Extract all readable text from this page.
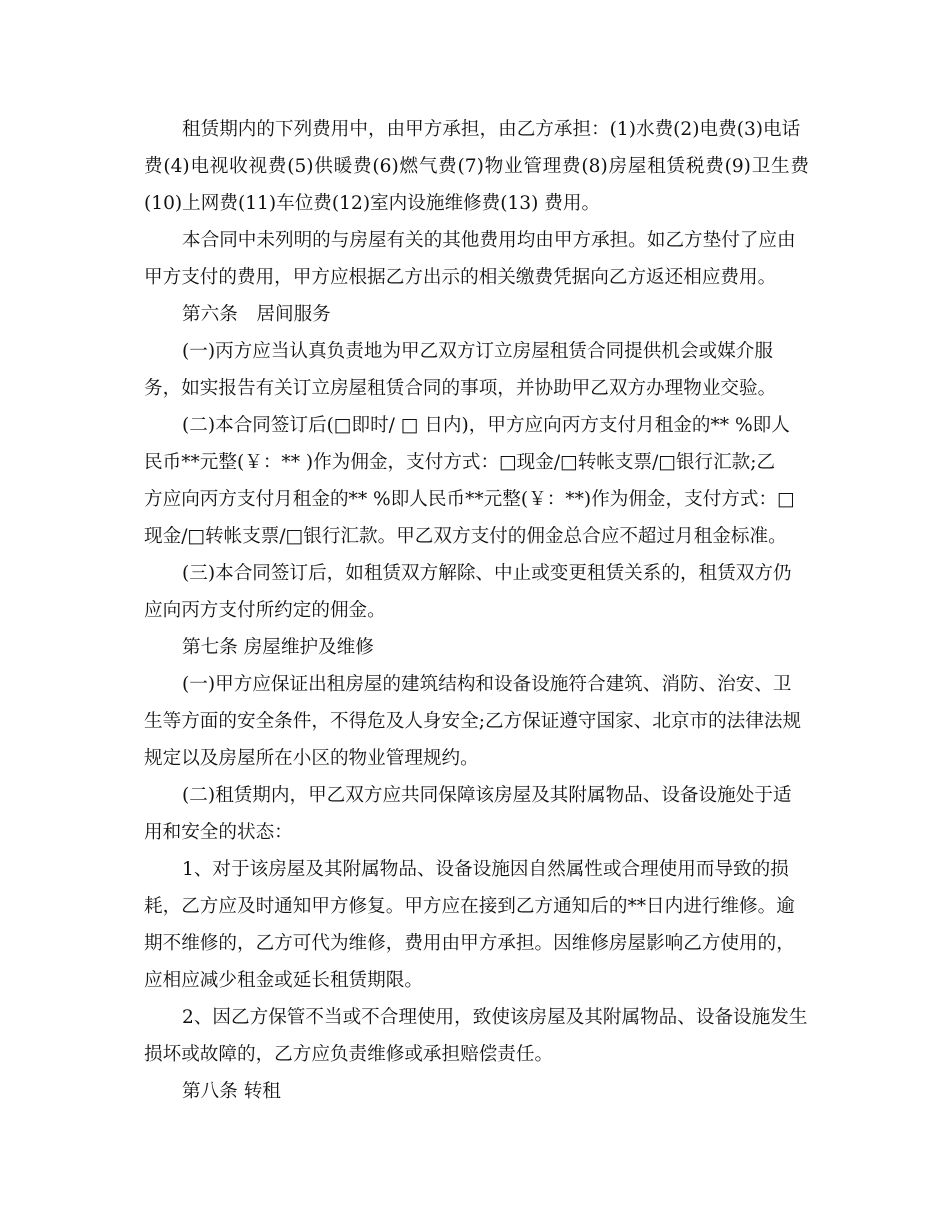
租赁期内的下列费用中，由甲方承担，由乙方承担：(1)水费(2)电费(3)电话
费(4)电视收视费(5)供暖费(6)燃气费(7)物业管理费(8)房屋租赁税费(9)卫生费
(10)上网费(11)车位费(12)室内设施维修费(13) 费用。
本合同中未列明的与房屋有关的其他费用均由甲方承担。如乙方垫付了应由
甲方支付的费用，甲方应根据乙方出示的相关缴费凭据向乙方返还相应费用。
第六条　居间服务
(一)丙方应当认真负责地为甲乙双方订立房屋租赁合同提供机会或媒介服
务，如实报告有关订立房屋租赁合同的事项，并协助甲乙双方办理物业交验。
(二)本合同签订后(□即时/ □ 日内)，甲方应向丙方支付月租金的** %即人
民币**元整(￥：** )作为佣金，支付方式：□现金/□转帐支票/□银行汇款;乙
方应向丙方支付月租金的** %即人民币**元整(￥：**)作为佣金，支付方式：□
现金/□转帐支票/□银行汇款。甲乙双方支付的佣金总合应不超过月租金标准。
(三)本合同签订后，如租赁双方解除、中止或变更租赁关系的，租赁双方仍
应向丙方支付所约定的佣金。
第七条 房屋维护及维修
(一)甲方应保证出租房屋的建筑结构和设备设施符合建筑、消防、治安、卫
生等方面的安全条件，不得危及人身安全;乙方保证遵守国家、北京市的法律法规
规定以及房屋所在小区的物业管理规约。
(二)租赁期内，甲乙双方应共同保障该房屋及其附属物品、设备设施处于适
用和安全的状态：
1、对于该房屋及其附属物品、设备设施因自然属性或合理使用而导致的损
耗，乙方应及时通知甲方修复。甲方应在接到乙方通知后的**日内进行维修。逾
期不维修的，乙方可代为维修，费用由甲方承担。因维修房屋影响乙方使用的，
应相应减少租金或延长租赁期限。
2、因乙方保管不当或不合理使用，致使该房屋及其附属物品、设备设施发生
损坏或故障的，乙方应负责维修或承担赔偿责任。
第八条 转租
